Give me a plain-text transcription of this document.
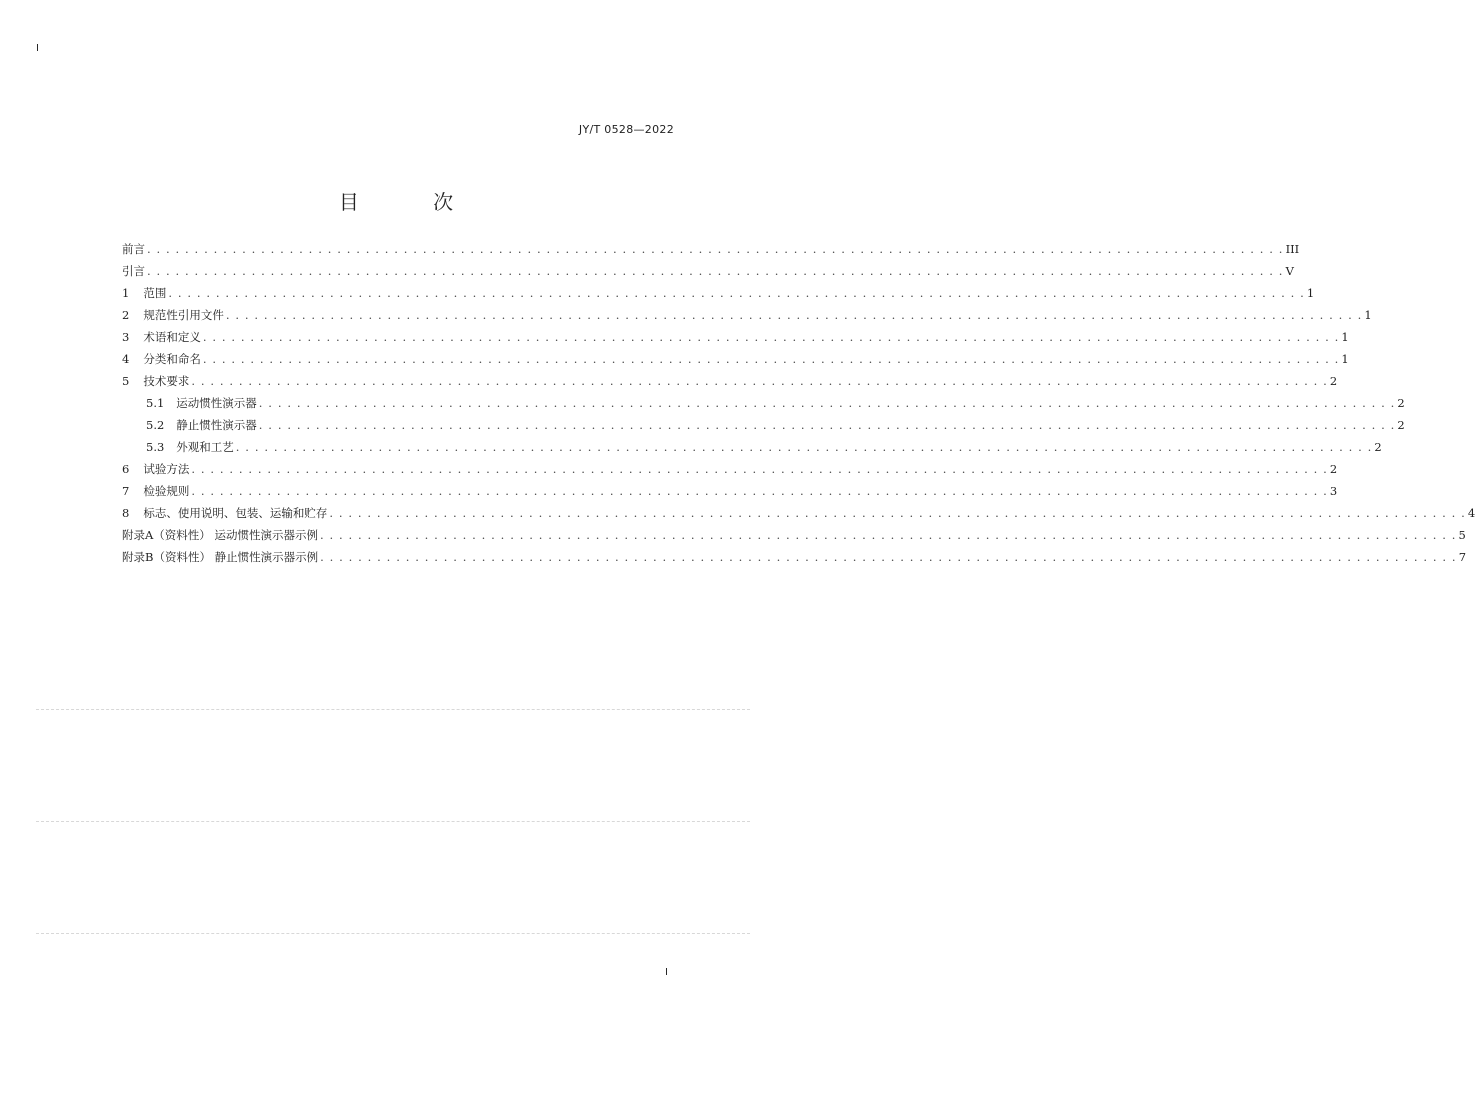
I
JY/T 0528—2022
目 次
前言 . . . . . . . . . . . . . . . . . . . . . . . . . . . . . . . . . . . . . . . . . . . . . . . . . . . . . . . . . . . . . . . . . . . . . . . . . . . . . . . . . . . . . . . . . . . . . . . . . . . . . . . . . . . . . . . . . . . . . . . . III
引言 . . . . . . . . . . . . . . . . . . . . . . . . . . . . . . . . . . . . . . . . . . . . . . . . . . . . . . . . . . . . . . . . . . . . . . . . . . . . . . . . . . . . . . . . . . . . . . . . . . . . . . . . . . . . . . . . . . . . . . . . V
1 范围 . . . . . . . . . . . . . . . . . . . . . . . . . . . . . . . . . . . . . . . . . . . . . . . . . . . . . . . . . . . . . . . . . . . . . . . . . . . . . . . . . . . . . . . . . . . . . . . . . . . . . . . . . . . . . . . . . . . . . . . . 1
2 规范性引用文件 . . . . . . . . . . . . . . . . . . . . . . . . . . . . . . . . . . . . . . . . . . . . . . . . . . . . . . . . . . . . . . . . . . . . . . . . . . . . . . . . . . . . . . . . . . . . . . . . . . . . . . . . . . . . . . . . . . . . . . . . 1
3 术语和定义 . . . . . . . . . . . . . . . . . . . . . . . . . . . . . . . . . . . . . . . . . . . . . . . . . . . . . . . . . . . . . . . . . . . . . . . . . . . . . . . . . . . . . . . . . . . . . . . . . . . . . . . . . . . . . . . . . . . . . . . . 1
4 分类和命名 . . . . . . . . . . . . . . . . . . . . . . . . . . . . . . . . . . . . . . . . . . . . . . . . . . . . . . . . . . . . . . . . . . . . . . . . . . . . . . . . . . . . . . . . . . . . . . . . . . . . . . . . . . . . . . . . . . . . . . . . 1
5 技术要求 . . . . . . . . . . . . . . . . . . . . . . . . . . . . . . . . . . . . . . . . . . . . . . . . . . . . . . . . . . . . . . . . . . . . . . . . . . . . . . . . . . . . . . . . . . . . . . . . . . . . . . . . . . . . . . . . . . . . . . . . 2
5.1 运动惯性演示器 . . . . . . . . . . . . . . . . . . . . . . . . . . . . . . . . . . . . . . . . . . . . . . . . . . . . . . . . . . . . . . . . . . . . . . . . . . . . . . . . . . . . . . . . . . . . . . . . . . . . . . . . . . . . . . . . . . . . . . . . 2
5.2 静止惯性演示器 . . . . . . . . . . . . . . . . . . . . . . . . . . . . . . . . . . . . . . . . . . . . . . . . . . . . . . . . . . . . . . . . . . . . . . . . . . . . . . . . . . . . . . . . . . . . . . . . . . . . . . . . . . . . . . . . . . . . . . . . 2
5.3 外观和工艺 . . . . . . . . . . . . . . . . . . . . . . . . . . . . . . . . . . . . . . . . . . . . . . . . . . . . . . . . . . . . . . . . . . . . . . . . . . . . . . . . . . . . . . . . . . . . . . . . . . . . . . . . . . . . . . . . . . . . . . . . 2
6 试验方法 . . . . . . . . . . . . . . . . . . . . . . . . . . . . . . . . . . . . . . . . . . . . . . . . . . . . . . . . . . . . . . . . . . . . . . . . . . . . . . . . . . . . . . . . . . . . . . . . . . . . . . . . . . . . . . . . . . . . . . . . 2
7 检验规则 . . . . . . . . . . . . . . . . . . . . . . . . . . . . . . . . . . . . . . . . . . . . . . . . . . . . . . . . . . . . . . . . . . . . . . . . . . . . . . . . . . . . . . . . . . . . . . . . . . . . . . . . . . . . . . . . . . . . . . . . 3
8 标志、使用说明、包装、运输和贮存 . . . . . . . . . . . . . . . . . . . . . . . . . . . . . . . . . . . . . . . . . . . . . . . . . . . . . . . . . . . . . . . . . . . . . . . . . . . . . . . . . . . . . . . . . . . . . . . . . . . . . . . . . . . . . . . . . . . . . . . . 4
附录A（资料性） 运动惯性演示器示例 . . . . . . . . . . . . . . . . . . . . . . . . . . . . . . . . . . . . . . . . . . . . . . . . . . . . . . . . . . . . . . . . . . . . . . . . . . . . . . . . . . . . . . . . . . . . . . . . . . . . . . . . . . . . . . . . . . . . . . . . 5
附录B（资料性） 静止惯性演示器示例 . . . . . . . . . . . . . . . . . . . . . . . . . . . . . . . . . . . . . . . . . . . . . . . . . . . . . . . . . . . . . . . . . . . . . . . . . . . . . . . . . . . . . . . . . . . . . . . . . . . . . . . . . . . . . . . . . . . . . . . . 7
I
